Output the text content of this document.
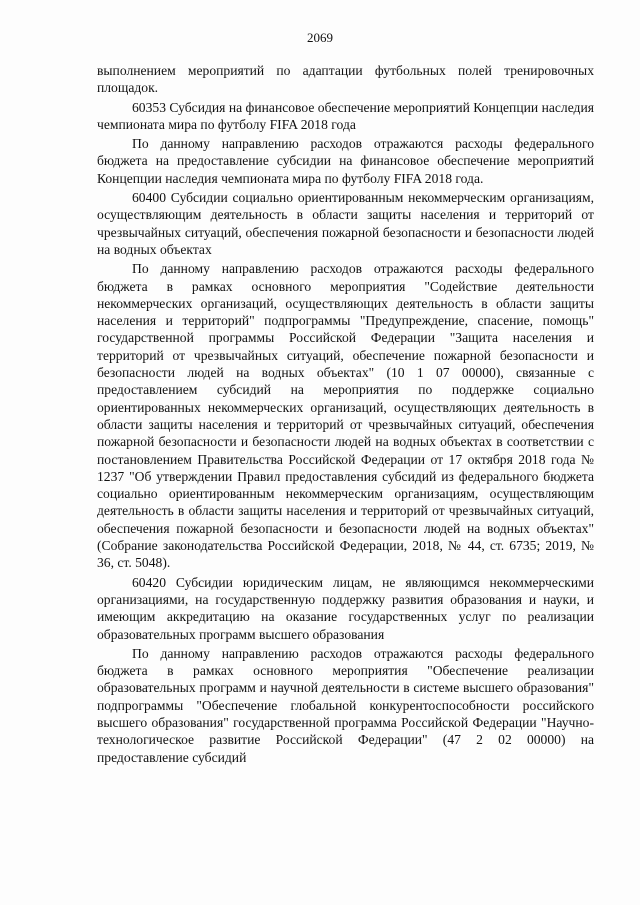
2069

выполнением мероприятий по адаптации футбольных полей тренировочных площадок.

60353 Субсидия на финансовое обеспечение мероприятий Концепции наследия чемпионата мира по футболу FIFA 2018 года

По данному направлению расходов отражаются расходы федерального бюджета на предоставление субсидии на финансовое обеспечение мероприятий Концепции наследия чемпионата мира по футболу FIFA 2018 года.

60400 Субсидии социально ориентированным некоммерческим организациям, осуществляющим деятельность в области защиты населения и территорий от чрезвычайных ситуаций, обеспечения пожарной безопасности и безопасности людей на водных объектах

По данному направлению расходов отражаются расходы федерального бюджета в рамках основного мероприятия "Содействие деятельности некоммерческих организаций, осуществляющих деятельность в области защиты населения и территорий" подпрограммы "Предупреждение, спасение, помощь" государственной программы Российской Федерации "Защита населения и территорий от чрезвычайных ситуаций, обеспечение пожарной безопасности и безопасности людей на водных объектах" (10 1 07 00000), связанные с предоставлением субсидий на мероприятия по поддержке социально ориентированных некоммерческих организаций, осуществляющих деятельность в области защиты населения и территорий от чрезвычайных ситуаций, обеспечения пожарной безопасности и безопасности людей на водных объектах в соответствии с постановлением Правительства Российской Федерации от 17 октября 2018 года № 1237 "Об утверждении Правил предоставления субсидий из федерального бюджета социально ориентированным некоммерческим организациям, осуществляющим деятельность в области защиты населения и территорий от чрезвычайных ситуаций, обеспечения пожарной безопасности и безопасности людей на водных объектах" (Собрание законодательства Российской Федерации, 2018, № 44, ст. 6735; 2019, № 36, ст. 5048).

60420 Субсидии юридическим лицам, не являющимся некоммерческими организациями, на государственную поддержку развития образования и науки, и имеющим аккредитацию на оказание государственных услуг по реализации образовательных программ высшего образования

По данному направлению расходов отражаются расходы федерального бюджета в рамках основного мероприятия "Обеспечение реализации образовательных программ и научной деятельности в системе высшего образования" подпрограммы "Обеспечение глобальной конкурентоспособности российского высшего образования" государственной программа Российской Федерации "Научно-технологическое развитие Российской Федерации" (47 2 02 00000) на предоставление субсидий
